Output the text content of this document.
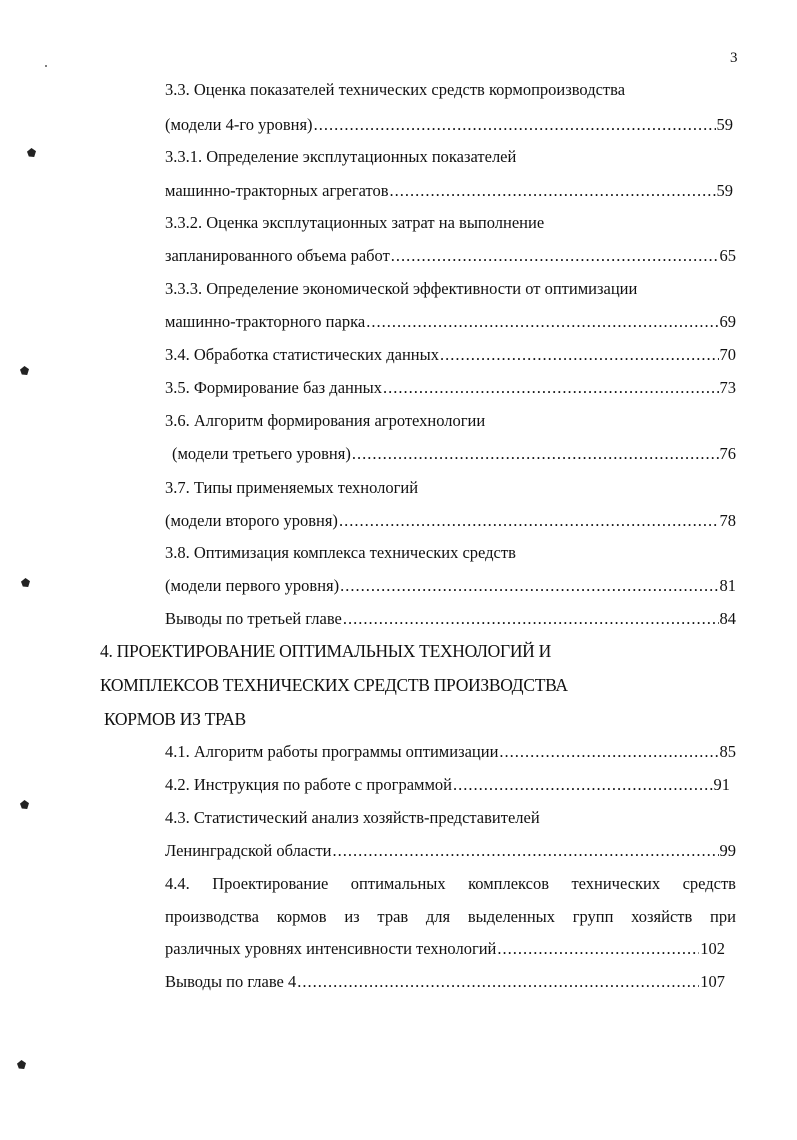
3
3.3. Оценка показателей технических средств кормопроизводства
(модели 4-го уровня) .....	59
3.3.1. Определение эксплутационных показателей
машинно-тракторных агрегатов .....	59
3.3.2. Оценка эксплутационных затрат на выполнение
запланированного объема работ .....	65
3.3.3. Определение экономической эффективности от оптимизации
машинно-тракторного парка .....	69
3.4. Обработка статистических данных .....	70
3.5. Формирование баз данных .....	73
3.6. Алгоритм формирования агротехнологии
(модели третьего уровня) .....	76
3.7. Типы применяемых технологий
(модели второго уровня) .....	78
3.8. Оптимизация комплекса технических средств
(модели первого уровня) .....	81
Выводы по третьей главе .....	84
4. ПРОЕКТИРОВАНИЕ ОПТИМАЛЬНЫХ ТЕХНОЛОГИЙ И
КОМПЛЕКСОВ ТЕХНИЧЕСКИХ СРЕДСТВ ПРОИЗВОДСТВА
КОРМОВ ИЗ ТРАВ
4.1. Алгоритм работы программы оптимизации .....	85
4.2. Инструкция по работе с программой .....	91
4.3. Статистический анализ хозяйств-представителей
Ленинградской области .....	99
4.4. Проектирование оптимальных комплексов технических средств
производства кормов из трав для выделенных групп хозяйств при
различных уровнях интенсивности технологий .....	102
Выводы по главе 4 .....	107
